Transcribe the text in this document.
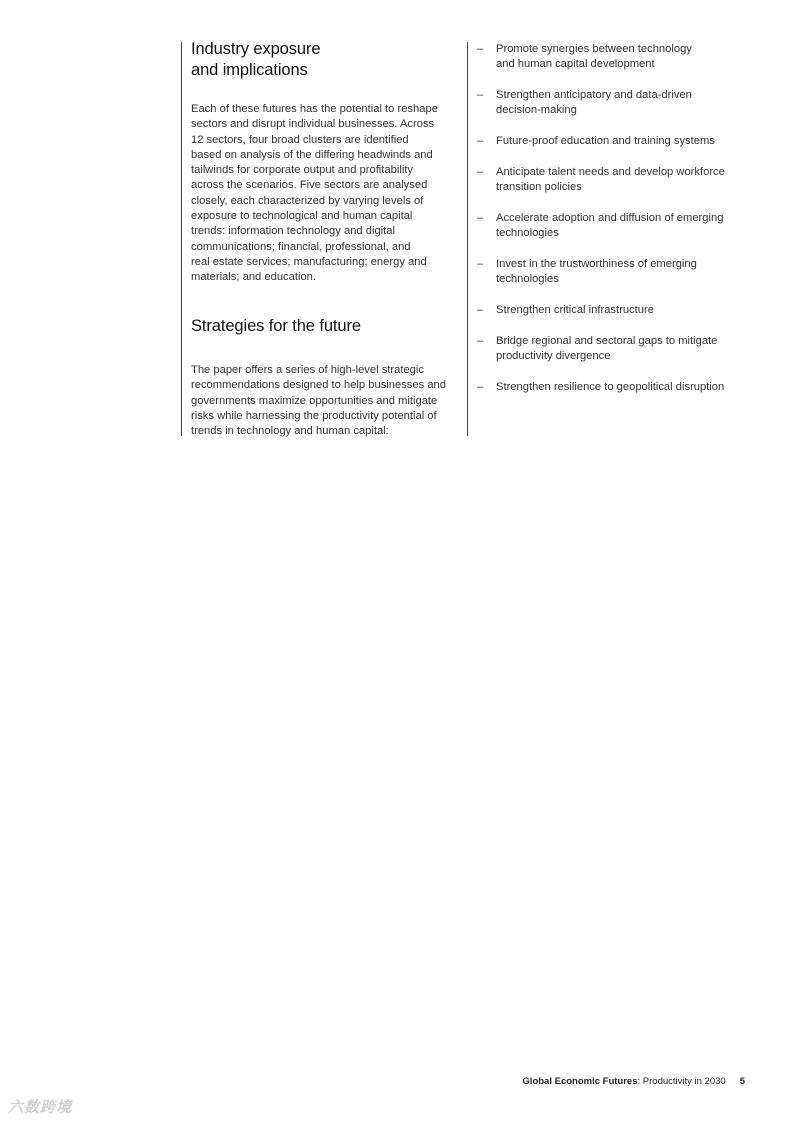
Industry exposure
and implications

Each of these futures has the potential to reshape
sectors and disrupt individual businesses. Across
12 sectors, four broad clusters are identified
based on analysis of the differing headwinds and
tailwinds for corporate output and profitability
across the scenarios. Five sectors are analysed
closely, each characterized by varying levels of
exposure to technological and human capital
trends: information technology and digital
communications; financial, professional, and
real estate services; manufacturing; energy and
materials; and education.

Strategies for the future

The paper offers a series of high-level strategic
recommendations designed to help businesses and
governments maximize opportunities and mitigate
risks while harnessing the productivity potential of
trends in technology and human capital:

– Promote synergies between technology
and human capital development
– Strengthen anticipatory and data-driven
decision-making
– Future-proof education and training systems
– Anticipate talent needs and develop workforce
transition policies
– Accelerate adoption and diffusion of emerging
technologies
– Invest in the trustworthiness of emerging
technologies
– Strengthen critical infrastructure
– Bridge regional and sectoral gaps to mitigate
productivity divergence
– Strengthen resilience to geopolitical disruption
Global Economic Futures: Productivity in 2030 5
六数跨境
